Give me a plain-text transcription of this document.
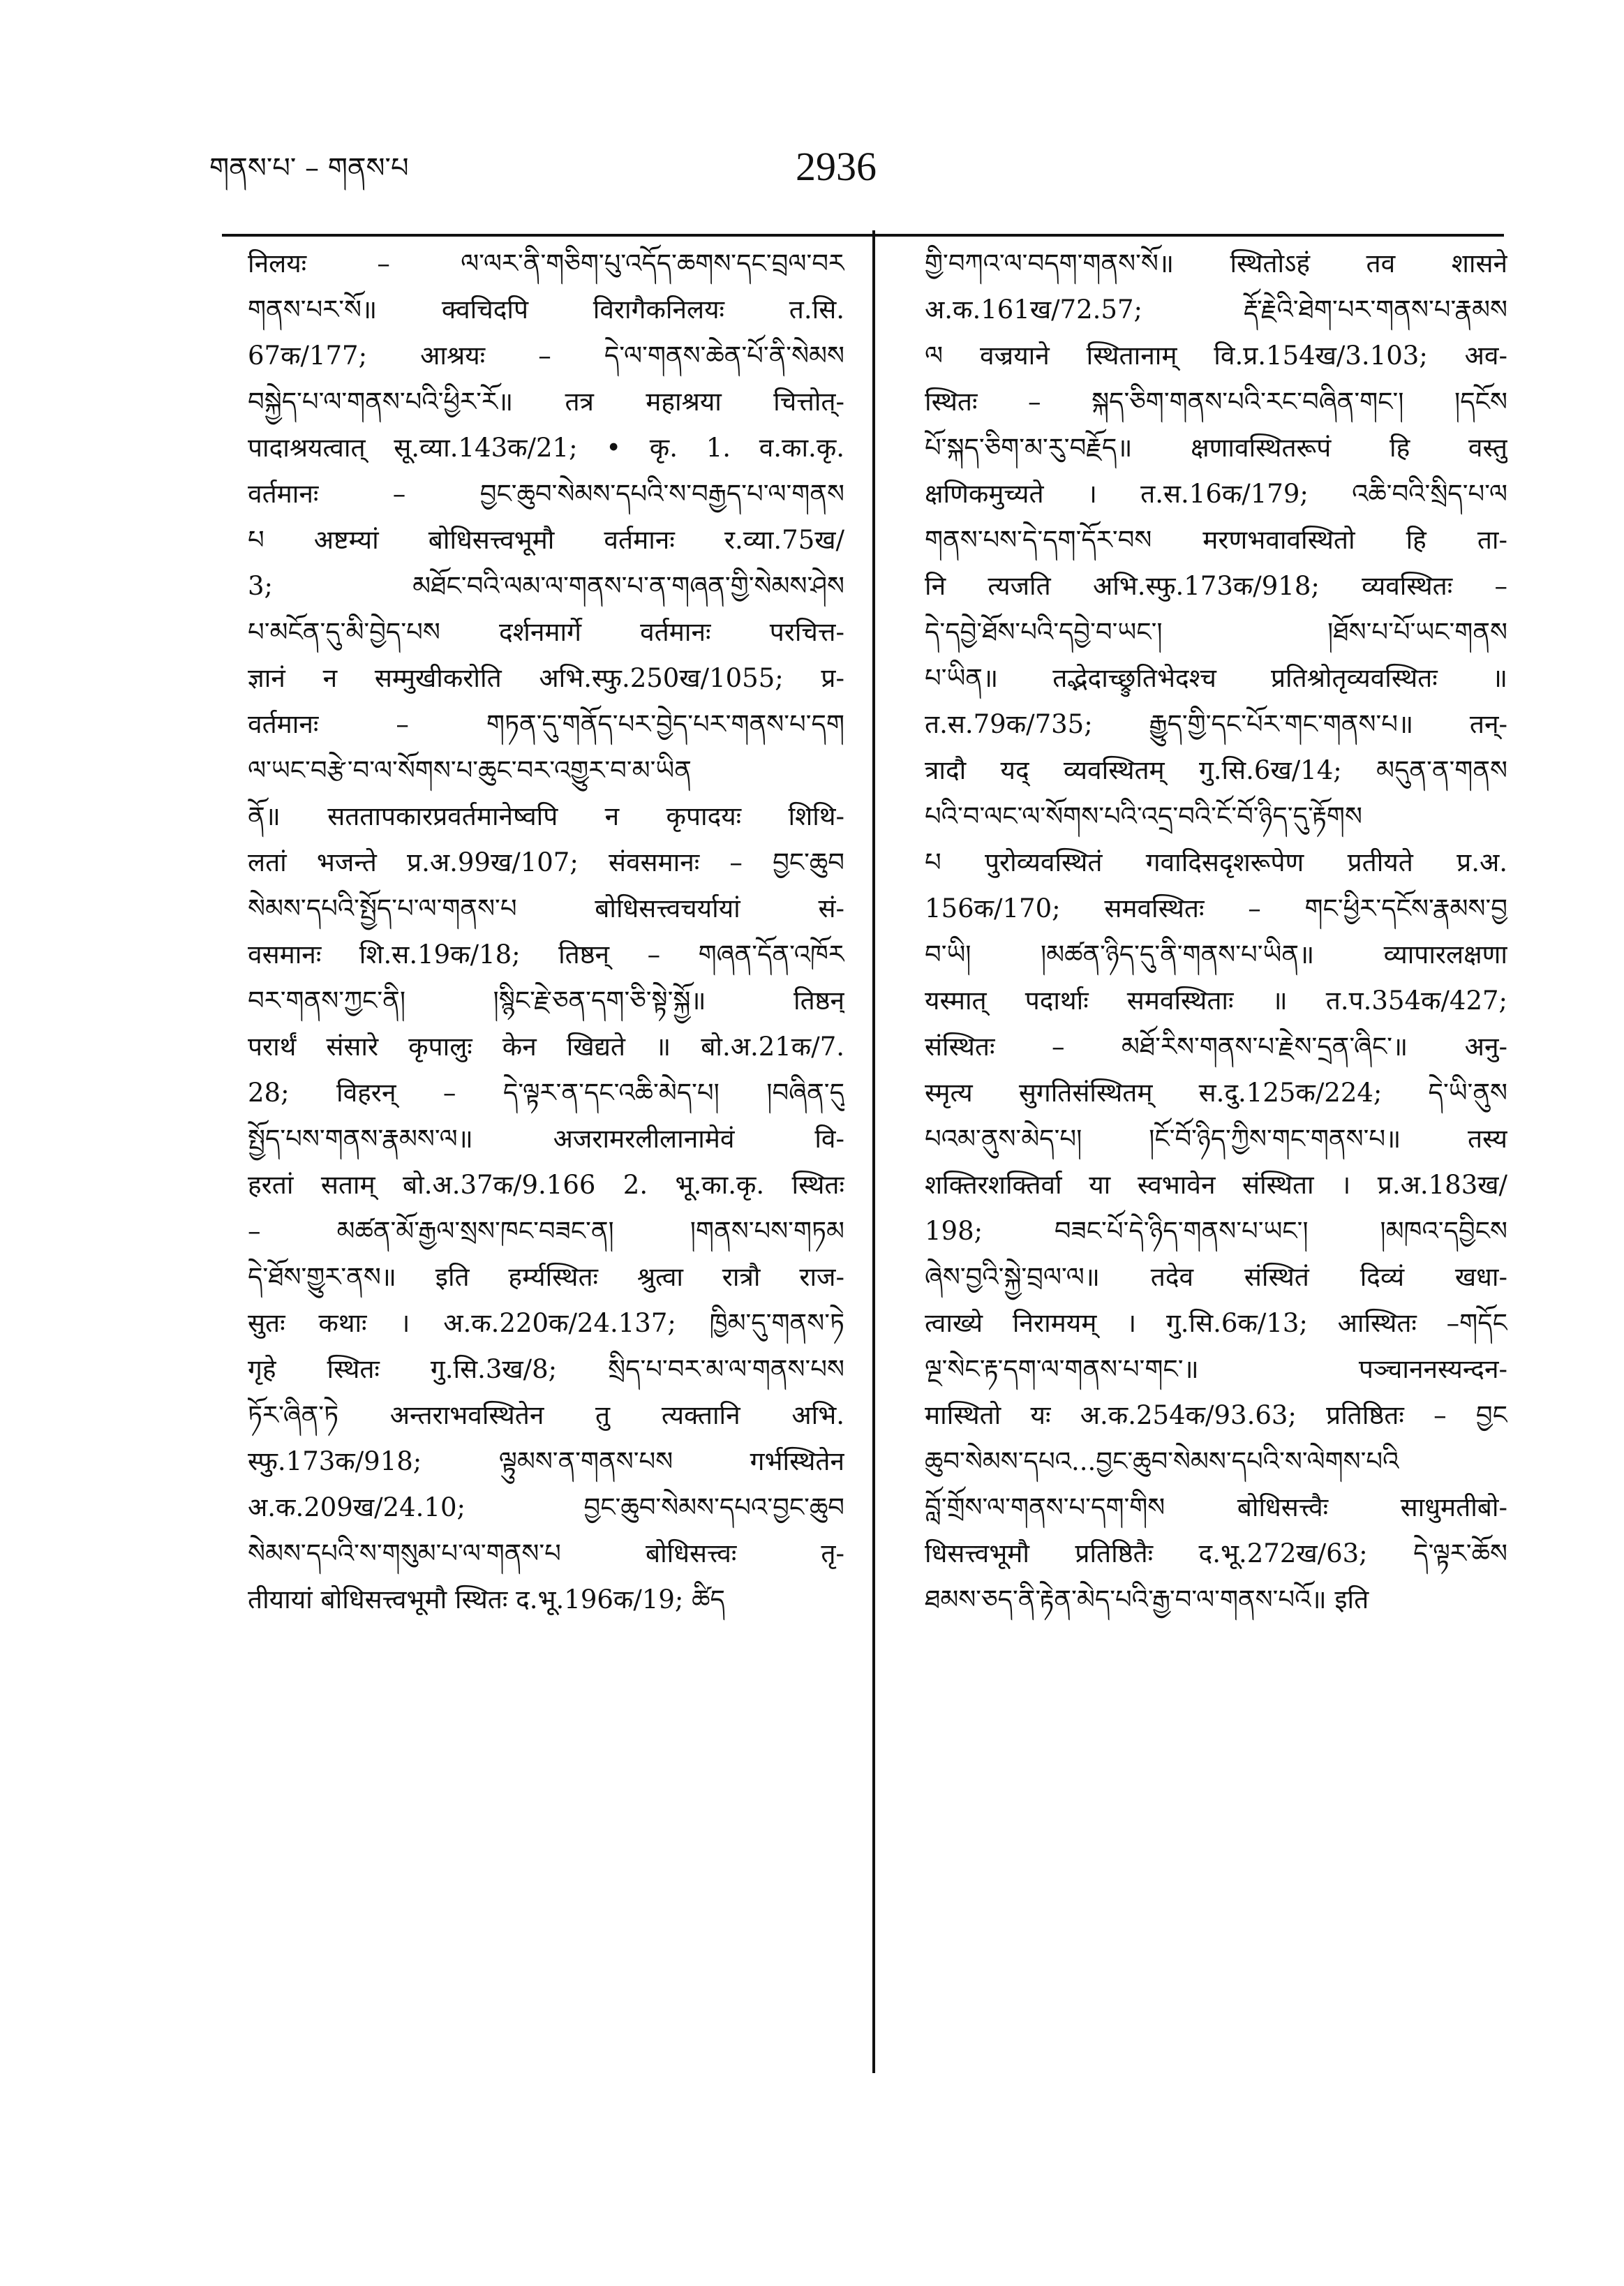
གནས་པ་ – གནས་པ	2936
निलयः – ལ་ལར་ནི་གཅིག་པུ་འདོད་ཆགས་དང་བྲལ་བར
གནས་པར་སོ॥ क्वचिदपि विरागैकनिलयः त.सि.
67क/177; आश्रयः – དེ་ལ་གནས་ཆེན་པོ་ནི་སེམས
བསྐྱེད་པ་ལ་གནས་པའི་ཕྱིར་རོ॥ तत्र महाश्रया चित्तोत्-
पादाश्रयत्वात् सू.व्या.143क/21; • कृ. 1. व.का.कृ.
वर्तमानः – བྱང་ཆུབ་སེམས་དཔའི་ས་བརྒྱད་པ་ལ་གནས
པ अष्टम्यां बोधिसत्त्वभूमौ वर्तमानः र.व्या.75ख/
3; མཐོང་བའི་ལམ་ལ་གནས་པ་ན་གཞན་གྱི་སེམས་ཤེས
པ་མངོན་དུ་མི་བྱེད་པས दर्शनमार्गे वर्तमानः परचित्त-
ज्ञानं न सम्मुखीकरोति अभि.स्फु.250ख/1055; प्र-
वर्तमानः – གཏན་དུ་གནོད་པར་བྱེད་པར་གནས་པ་དག
ལ་ཡང་བརྩེ་བ་ལ་སོགས་པ་ཆུང་བར་འགྱུར་བ་མ་ཡིན
ནོ॥ सततापकारप्रवर्तमानेष्वपि न कृपादयः शिथि-
लतां भजन्ते प्र.अ.99ख/107; संवसमानः – བྱང་ཆུབ
སེམས་དཔའི་སྤྱོད་པ་ལ་གནས་པ बोधिसत्त्वचर्यायां सं-
वसमानः शि.स.19क/18; तिष्ठन् – གཞན་དོན་འཁོར
བར་གནས་ཀྱང་ནི། །སྙིང་རྗེ་ཅན་དག་ཅི་སྟེ་སྐྱོ॥ तिष्ठन्
परार्थं संसारे कृपालुः केन खिद्यते ॥ बो.अ.21क/7.
28; विहरन् – དེ་ལྟར་ན་དང་འཆི་མེད་པ། །བཞིན་དུ
སྤྱོད་པས་གནས་རྣམས་ལ॥ अजरामरलीलानामेवं वि-
हरतां सताम् बो.अ.37क/9.166 2. भू.का.कृ. स्थितः
– མཚན་མོ་རྒྱལ་སྲས་ཁང་བཟང་ན། །གནས་པས་གཏམ
དེ་ཐོས་གྱུར་ནས॥ इति हर्म्यस्थितः श्रुत्वा रात्रौ राज-
सुतः कथाः । अ.क.220क/24.137; ཁྱིམ་དུ་གནས་ཏེ
गृहे स्थितः गु.सि.3ख/8; སྲིད་པ་བར་མ་ལ་གནས་པས
ཏོར་ཞིན་ཏེ अन्तराभवस्थितेन तु त्यक्तानि अभि.
स्फु.173क/918; ལྟུམས་ན་གནས་པས गर्भस्थितेन
अ.क.209ख/24.10; བྱང་ཆུབ་སེམས་དཔའ་བྱང་ཆུབ
སེམས་དཔའི་ས་གསུམ་པ་ལ་གནས་པ बोधिसत्त्वः तृ-
तीयायां बोधिसत्त्वभूमौ स्थितः द.भू.196क/19; ཚིད
གྱི་བཀའ་ལ་བདག་གནས་སོ॥ स्थितोऽहं तव शासने
अ.क.161ख/72.57; རྡོ་རྗེའི་ཐེག་པར་གནས་པ་རྣམས
ལ वज्रयाने स्थितानाम् वि.प्र.154ख/3.103; अव-
स्थितः – སྐད་ཅིག་གནས་པའི་རང་བཞིན་གང་། །དངོས
པོ་སྐད་ཅིག་མ་རུ་བརྗོད॥ क्षणावस्थितरूपं हि वस्तु
क्षणिकमुच्यते । त.स.16क/179; འཆི་བའི་སྲིད་པ་ལ
གནས་པས་དེ་དག་དོར་བས मरणभवावस्थितो हि ता-
नि त्यजति अभि.स्फु.173क/918; व्यवस्थितः –
དེ་དབྱེ་ཐོས་པའི་དབྱེ་བ་ཡང་། །ཐོས་པ་པོ་ཡང་གནས
པ་ཡིན॥ तद्भेदाच्छ्रुतिभेदश्च प्रतिश्रोतृव्यवस्थितः ॥
त.स.79क/735; རྒྱུད་གྱི་དང་པོར་གང་གནས་པ॥ तन्-
त्रादौ यद् व्यवस्थितम् गु.सि.6ख/14; མདུན་ན་གནས
པའི་བ་ལང་ལ་སོགས་པའི་འདྲ་བའི་ངོ་བོ་ཉིད་དུ་རྟོགས
པ पुरोव्यवस्थितं गवादिसदृशरूपेण प्रतीयते प्र.अ.
156क/170; समवस्थितः – གང་ཕྱིར་དངོས་རྣམས་བྱ
བ་ཡི། །མཚན་ཉིད་དུ་ནི་གནས་པ་ཡིན॥ व्यापारलक्षणा
यस्मात् पदार्थाः समवस्थिताः ॥ त.प.354क/427;
संस्थितः – མཐོ་རིས་གནས་པ་རྗེས་དྲན་ཞིང་॥ अनु-
स्मृत्य सुगतिसंस्थितम् स.दु.125क/224; དེ་ཡི་ནུས
པའམ་ནུས་མེད་པ། །ངོ་བོ་ཉིད་ཀྱིས་གང་གནས་པ॥ तस्य
शक्तिरशक्तिर्वा या स्वभावेन संस्थिता । प्र.अ.183ख/
198; བཟང་པོ་དེ་ཉིད་གནས་པ་ཡང་། །མཁའ་དབྱིངས
ཞེས་བྱའི་སྐྱེ་བྲལ་ལ॥ तदेव संस्थितं दिव्यं खधा-
त्वाख्ये निरामयम् । गु.सि.6क/13; आस्थितः –གདོང
ལྔ་སེང་རྟ་དག་ལ་གནས་པ་གང་॥ पञ्चाननस्यन्दन-
मास्थितो यः अ.क.254क/93.63; प्रतिष्ठितः – བྱང
ཆུབ་སེམས་དཔའ...བྱང་ཆུབ་སེམས་དཔའི་ས་ལེགས་པའི
བློ་གྲོས་ལ་གནས་པ་དག་གིས बोधिसत्त्वैः साधुमतीबो-
धिसत्त्वभूमौ प्रतिष्ठितैः द.भू.272ख/63; དེ་ལྟར་ཆོས
ཐམས་ཅད་ནི་རྟེན་མེད་པའི་རྒྱ་བ་ལ་གནས་པའོ॥ इति
